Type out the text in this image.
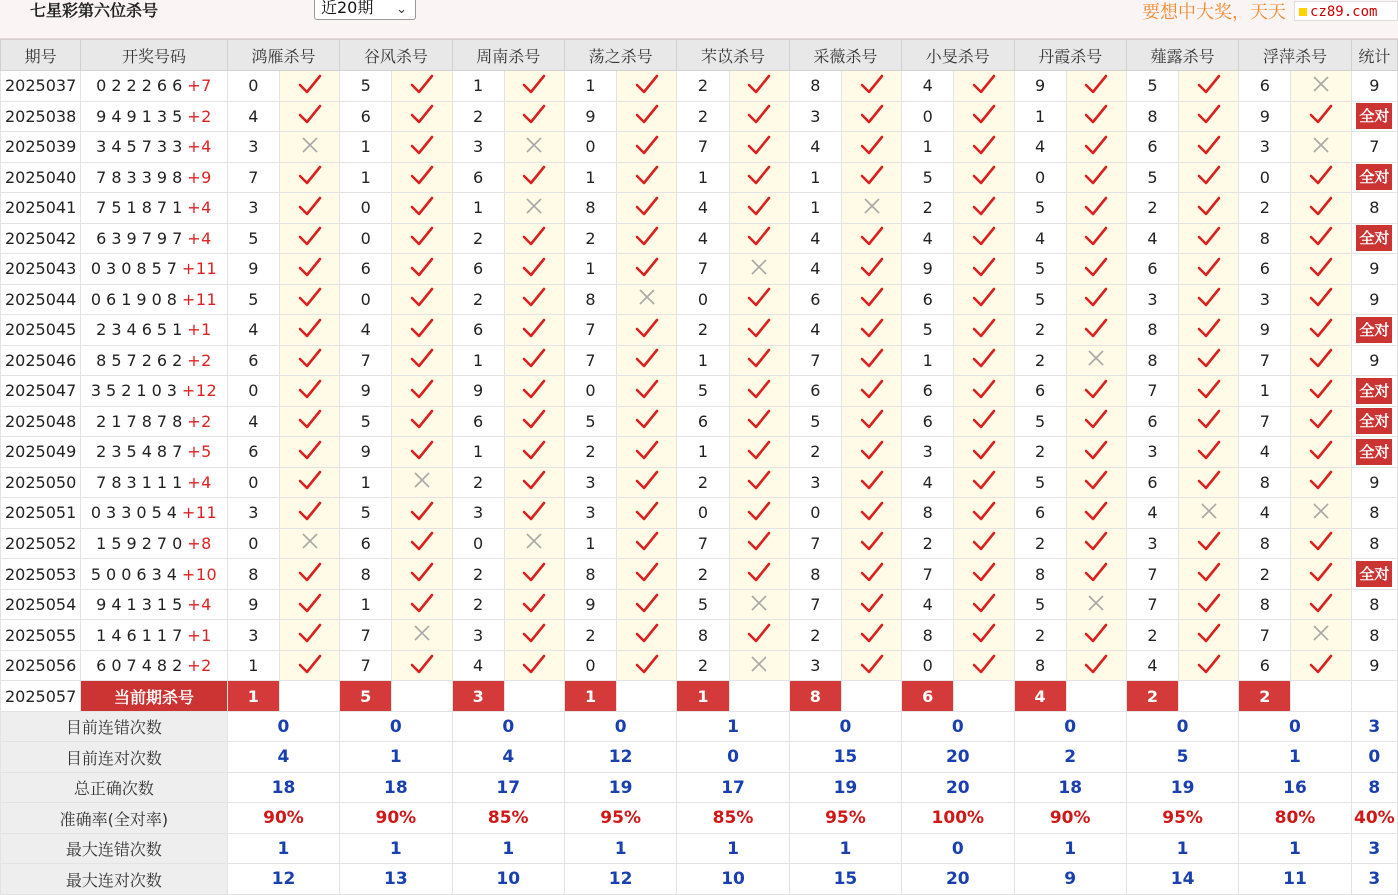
七星彩第六位杀号	近20期 ⌄	要想中大奖，天天	cz89.com
期号	开奖号码	鸿雁杀号		谷风杀号		周南杀号		荡之杀号		芣苡杀号		采薇杀号		小旻杀号		丹霞杀号		薤露杀号		浮萍杀号		统计
2025037	022266+7	0		5		1		1		2		8		4		9		5		6		9
2025038	949135+2	4		6		2		9		2		3		0		1		8		9		全对
2025039	345733+4	3		1		3		0		7		4		1		4		6		3		7
2025040	783398+9	7		1		6		1		1		1		5		0		5		0		全对
2025041	751871+4	3		0		1		8		4		1		2		5		2		2		8
2025042	639797+4	5		0		2		2		4		4		4		4		4		8		全对
2025043	030857+11	9		6		6		1		7		4		9		5		6		6		9
2025044	061908+11	5		0		2		8		0		6		6		5		3		3		9
2025045	234651+1	4		4		6		7		2		4		5		2		8		9		全对
2025046	857262+2	6		7		1		7		1		7		1		2		8		7		9
2025047	352103+12	0		9		9		0		5		6		6		6		7		1		全对
2025048	217878+2	4		5		6		5		6		5		6		5		6		7		全对
2025049	235487+5	6		9		1		2		1		2		3		2		3		4		全对
2025050	783111+4	0		1		2		3		2		3		4		5		6		8		9
2025051	033054+11	3		5		3		3		0		0		8		6		4		4		8
2025052	159270+8	0		6		0		1		7		7		2		2		3		8		8
2025053	500634+10	8		8		2		8		2		8		7		8		7		2		全对
2025054	941315+4	9		1		2		9		5		7		4		5		7		8		8
2025055	146117+1	3		7		3		2		8		2		8		2		2		7		8
2025056	607482+2	1		7		4		0		2		3		0		8		4		6		9
2025057	当前期杀号	1		5		3		1		1		8		6		4		2		2		
目前连错次数		0		0		0		0		1		0		0		0		0		0		3
目前连对次数		4		1		4		12		0		15		20		2		5		1		0
总正确次数		18		18		17		19		17		19		20		18		19		16		8
准确率(全对率)		90%		90%		85%		95%		85%		95%		100%		90%		95%		80%		40%
最大连错次数		1		1		1		1		1		1		0		1		1		1		3
最大连对次数		12		13		10		12		10		15		20		9		14		11		3
